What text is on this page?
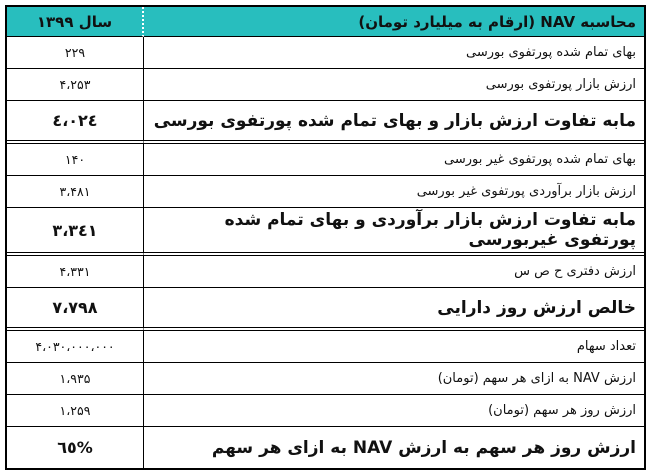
محاسبه NAV (ارقام به میلیارد تومان)	سال ۱۳۹۹
بهای تمام شده پورتفوی بورسی	۲۲۹
ارزش بازار پورتفوی بورسی	۴،۲۵۳
مابه تفاوت ارزش بازار و بهای تمام شده پورتفوی بورسی	٤،٠٢٤
بهای تمام شده پورتفوی غیر بورسی	۱۴۰
ارزش بازار برآوردی پورتفوی غیر بورسی	۳،۴۸۱
مابه تفاوت ارزش بازار برآوردی و بهای تمام شده پورتفوی غیربورسی	٣،٣٤١
ارزش دفتری ح ص س	۴،۳۳۱
خالص ارزش روز دارایی	٧،٧٩٨
تعداد سهام	۴،۰۳۰،۰۰۰،۰۰۰
ارزش NAV به ازای هر سهم (تومان)	۱،۹۳۵
ارزش روز هر سهم (تومان)	۱،۲۵۹
ارزش روز هر سهم به ارزش NAV به ازای هر سهم	٦٥%
